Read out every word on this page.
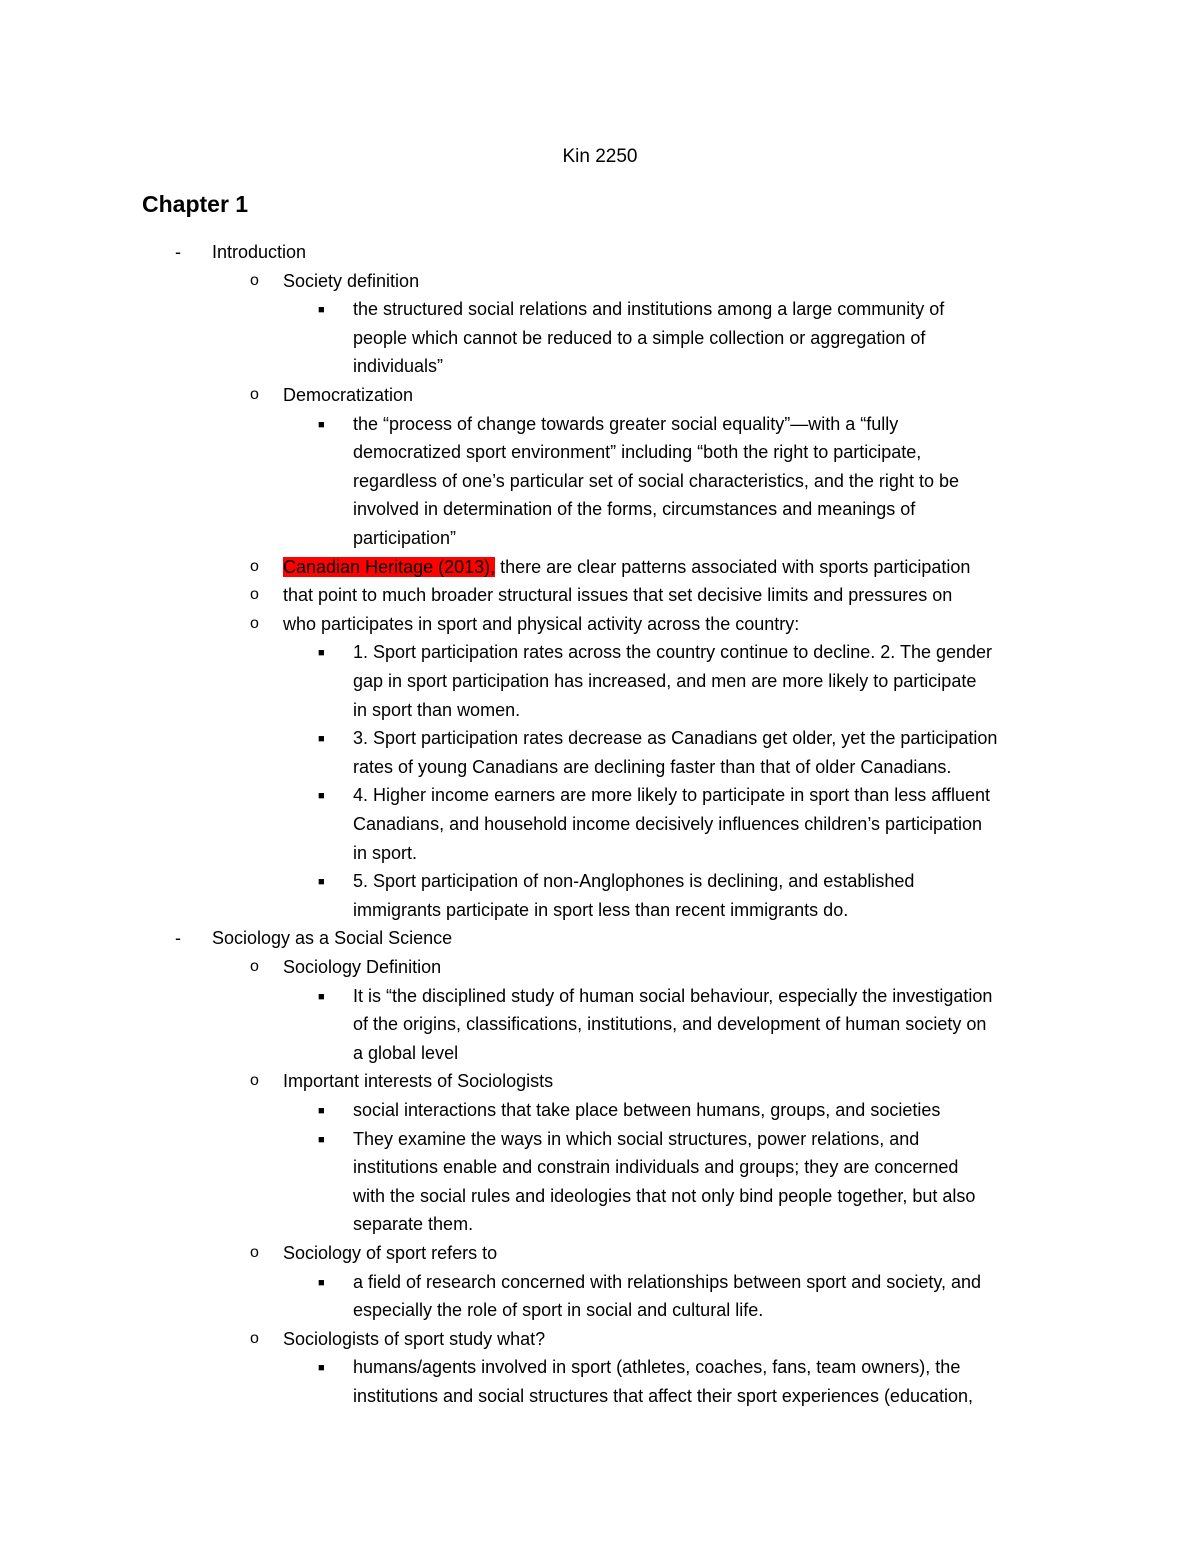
Kin 2250
Chapter 1
- Introduction
o Society definition
■ the structured social relations and institutions among a large community of
people which cannot be reduced to a simple collection or aggregation of
individuals”
o Democratization
■ the “process of change towards greater social equality”—with a “fully
democratized sport environment” including “both the right to participate,
regardless of one’s particular set of social characteristics, and the right to be
involved in determination of the forms, circumstances and meanings of
participation”
o Canadian Heritage (2013), there are clear patterns associated with sports participation
o that point to much broader structural issues that set decisive limits and pressures on
o who participates in sport and physical activity across the country:
■ 1. Sport participation rates across the country continue to decline. 2. The gender
gap in sport participation has increased, and men are more likely to participate
in sport than women.
■ 3. Sport participation rates decrease as Canadians get older, yet the participation
rates of young Canadians are declining faster than that of older Canadians.
■ 4. Higher income earners are more likely to participate in sport than less affluent
Canadians, and household income decisively influences children’s participation
in sport.
■ 5. Sport participation of non-Anglophones is declining, and established
immigrants participate in sport less than recent immigrants do.
- Sociology as a Social Science
o Sociology Definition
■ It is “the disciplined study of human social behaviour, especially the investigation
of the origins, classifications, institutions, and development of human society on
a global level
o Important interests of Sociologists
■ social interactions that take place between humans, groups, and societies
■ They examine the ways in which social structures, power relations, and
institutions enable and constrain individuals and groups; they are concerned
with the social rules and ideologies that not only bind people together, but also
separate them.
o Sociology of sport refers to
■ a field of research concerned with relationships between sport and society, and
especially the role of sport in social and cultural life.
o Sociologists of sport study what?
■ humans/agents involved in sport (athletes, coaches, fans, team owners), the
institutions and social structures that affect their sport experiences (education,
